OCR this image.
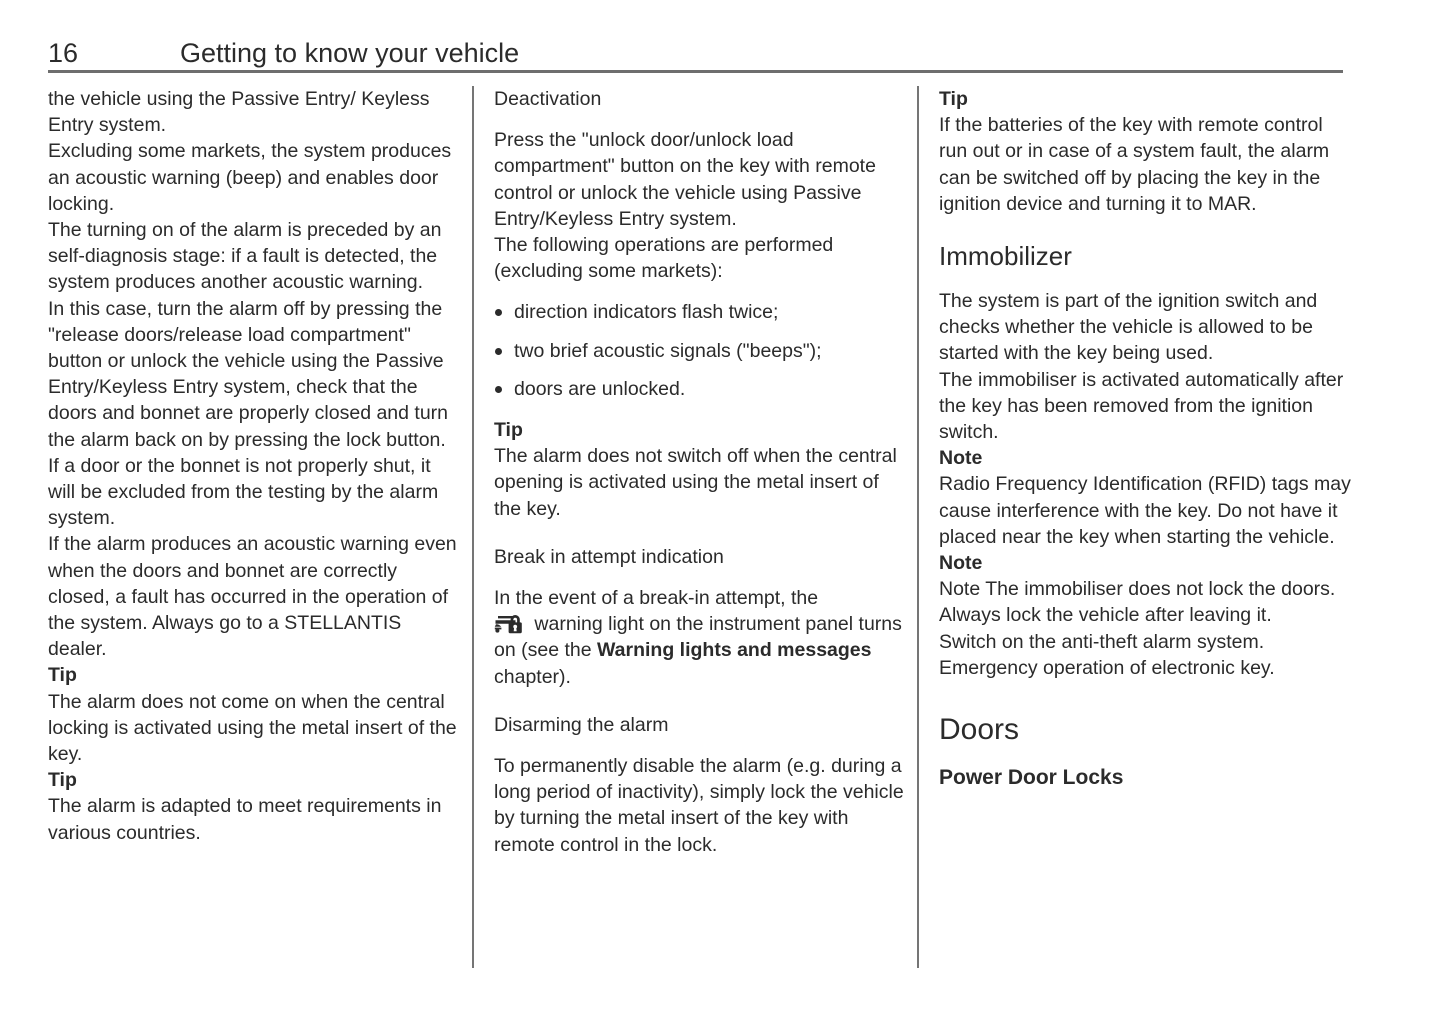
16	Getting to know your vehicle

the vehicle using the Passive Entry/ Keyless Entry system.

Excluding some markets, the system produces an acoustic warning (beep) and enables door locking.

The turning on of the alarm is preceded by an self-diagnosis stage: if a fault is detected, the system produces another acoustic warning.

In this case, turn the alarm off by pressing the "release doors/release load compartment" button or unlock the vehicle using the Passive Entry/Keyless Entry system, check that the doors and bonnet are properly closed and turn the alarm back on by pressing the lock button.

If a door or the bonnet is not properly shut, it will be excluded from the testing by the alarm system.

If the alarm produces an acoustic warning even when the doors and bonnet are correctly closed, a fault has occurred in the operation of the system. Always go to a STELLANTIS dealer.

Tip

The alarm does not come on when the central locking is activated using the metal insert of the key.

Tip

The alarm is adapted to meet requirements in various countries.

Deactivation

Press the "unlock door/unlock load compartment" button on the key with remote control or unlock the vehicle using Passive Entry/Keyless Entry system.

The following operations are performed (excluding some markets):

direction indicators flash twice;
two brief acoustic signals ("beeps");
doors are unlocked.

Tip

The alarm does not switch off when the central opening is activated using the metal insert of the key.

Break in attempt indication

In the event of a break-in attempt, the

warning light on the instrument panel turns on (see the Warning lights and messages chapter).

Disarming the alarm

To permanently disable the alarm (e.g. during a long period of inactivity), simply lock the vehicle by turning the metal insert of the key with remote control in the lock.

Tip

If the batteries of the key with remote control run out or in case of a system fault, the alarm can be switched off by placing the key in the ignition device and turning it to MAR.

Immobilizer

The system is part of the ignition switch and checks whether the vehicle is allowed to be started with the key being used.

The immobiliser is activated automatically after the key has been removed from the ignition switch.

Note

Radio Frequency Identification (RFID) tags may cause interference with the key. Do not have it placed near the key when starting the vehicle.

Note

Note The immobiliser does not lock the doors. Always lock the vehicle after leaving it.

Switch on the anti-theft alarm system.

Emergency operation of electronic key.

Doors

Power Door Locks
